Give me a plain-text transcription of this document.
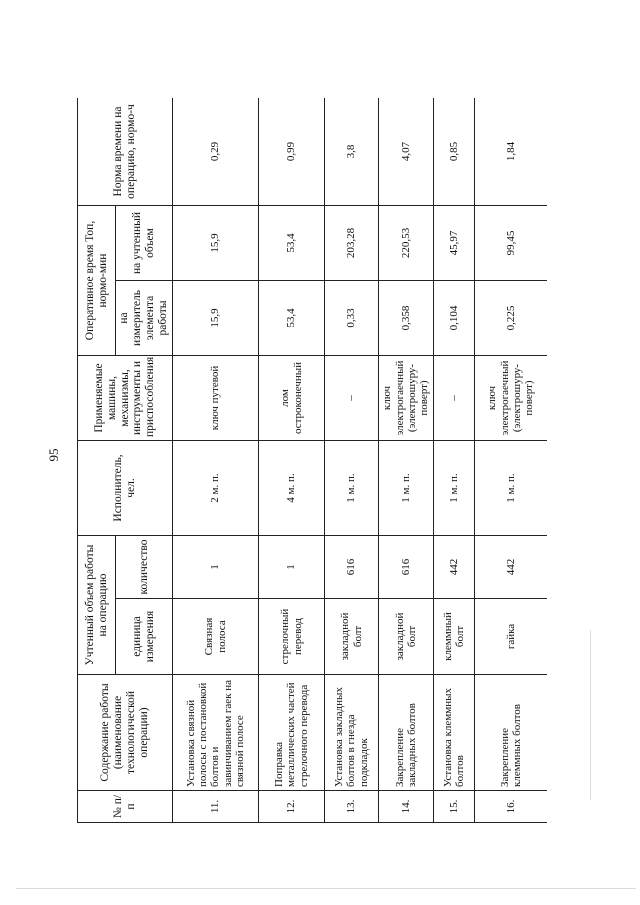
95
№ п/п	Содержание работы (наименование технологической операции)	Учтенный объем работы на операцию		Исполнитель, чел.	Применяемые машины, механизмы, инструменты и приспособления	Оперативное время Топ, нормо-мин		Норма времени на операцию, нормо-ч
		единица измерения	количество			на измеритель элемента работы	на учтенный объем	
11.	Установка связной полосы с постановкой болтов и завинчиванием гаек на связной полосе	Связная полоса	1	2 м. п.	ключ путевой	15,9	15,9	0,29
12.	Поправка металлических частей стрелочного перевода	стрелочный перевод	1	4 м. п.	лом остроконечный	53,4	53,4	0,99
13.	Установка закладных болтов в гнезда подкладок	закладной болт	616	1 м. п.	–	0,33	203,28	3,8
14.	Закрепление закладных болтов	закладной болт	616	1 м. п.	ключ электрогаечный (электрошуру-поверт)	0,358	220,53	4,07
15.	Установка клеммных болтов	клеммный болт	442	1 м. п.	–	0,104	45,97	0,85
16.	Закрепление клеммных болтов	гайка	442	1 м. п.	ключ электрогаечный (электрошуру-поверт)	0,225	99,45	1,84
